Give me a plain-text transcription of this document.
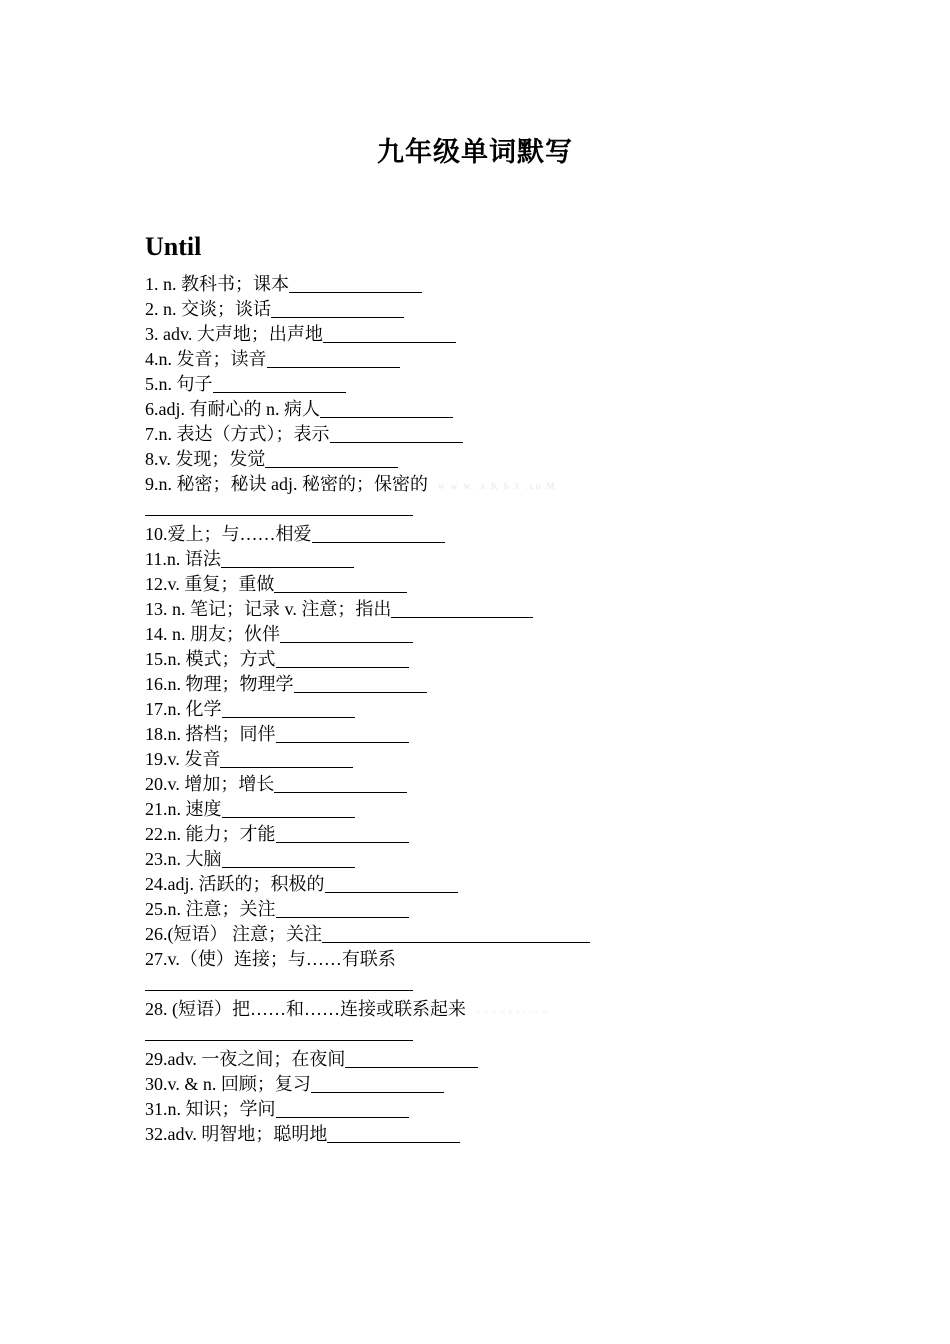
九年级单词默写
Until
1. n. 教科书；课本
2. n. 交谈；谈话
3. adv. 大声地；出声地
4.n. 发音；读音
5.n. 句子
6.adj. 有耐心的 n. 病人
7.n. 表达（方式）；表示
8.v. 发现；发觉
9.n. 秘密；秘诀 adj. 秘密的；保密的 w w w .x K b 1 .co M
10.爱上；与……相爱
11.n. 语法
12.v. 重复；重做
13. n. 笔记；记录 v. 注意；指出
14. n. 朋友；伙伴
15.n. 模式；方式
16.n. 物理；物理学
17.n. 化学
18.n. 搭档；同伴
19.v. 发音
20.v. 增加；增长
21.n. 速度
22.n. 能力；才能
23.n. 大脑
24.adj. 活跃的；积极的
25.n. 注意；关注
26.(短语） 注意；关注
27.v.（使）连接；与……有联系
28. (短语）把……和……连接或联系起来 w w w .x K b 1 .co M
29.adv. 一夜之间；在夜间
30.v. & n. 回顾；复习
31.n. 知识；学问
32.adv. 明智地；聪明地
